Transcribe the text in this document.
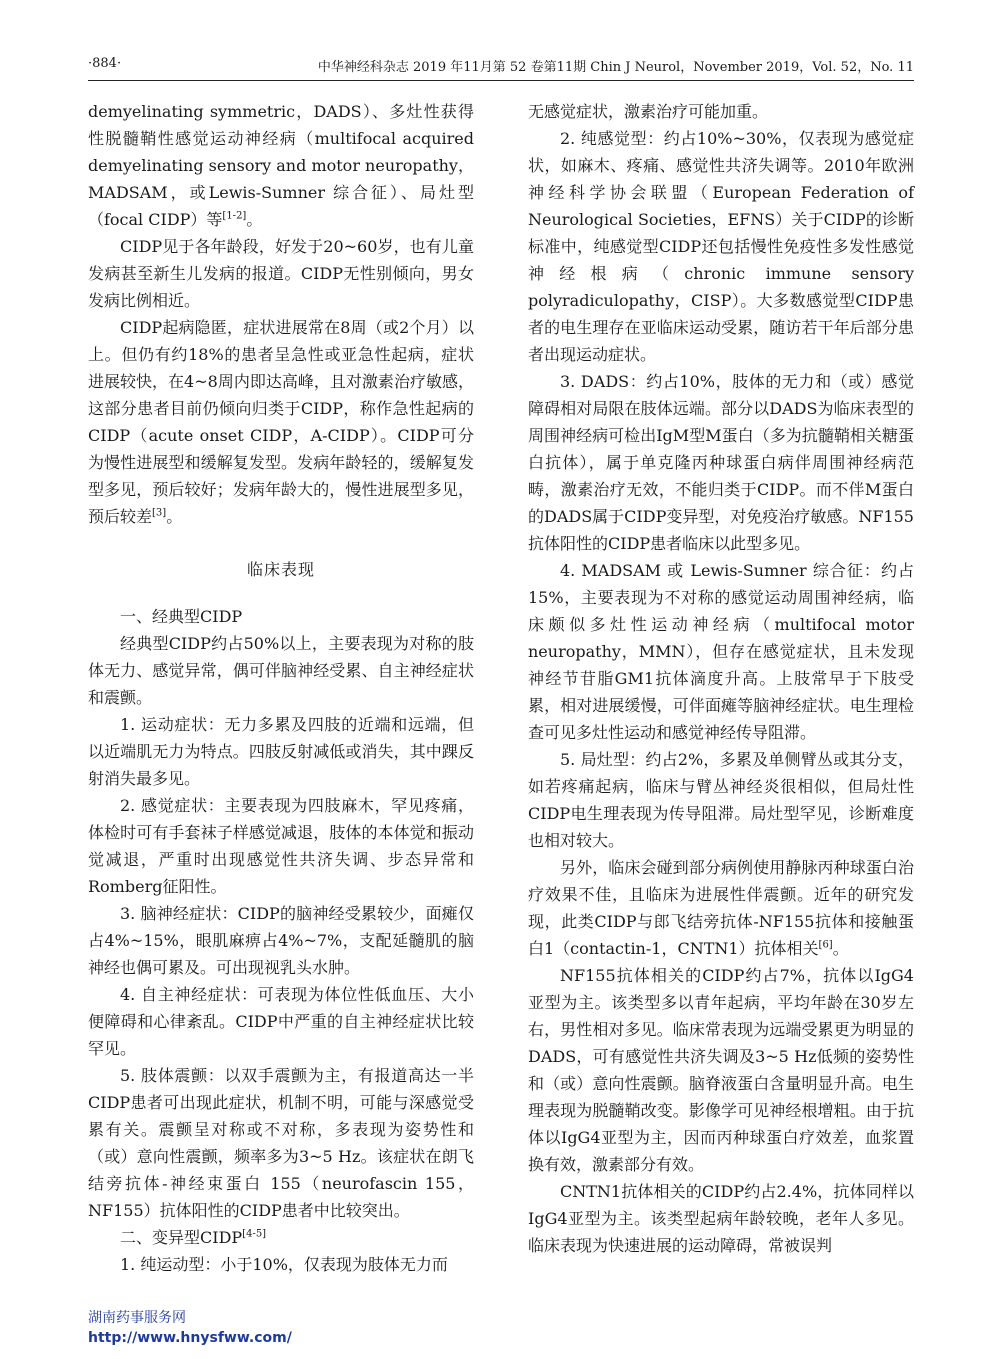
·884·	中华神经科杂志 2019 年11月第 52 卷第11期 Chin J Neurol，November 2019，Vol. 52，No. 11

demyelinating symmetric，DADS）、多灶性获得性脱髓鞘性感觉运动神经病（multifocal acquired demyelinating sensory and motor neuropathy，MADSAM，或Lewis-Sumner 综合征）、局灶型（focal CIDP）等[1-2]。

CIDP见于各年龄段，好发于20~60岁，也有儿童发病甚至新生儿发病的报道。CIDP无性别倾向，男女发病比例相近。

CIDP起病隐匿，症状进展常在8周（或2个月）以上。但仍有约18%的患者呈急性或亚急性起病，症状进展较快，在4~8周内即达高峰，且对激素治疗敏感，这部分患者目前仍倾向归类于CIDP，称作急性起病的 CIDP（acute onset CIDP，A-CIDP）。CIDP可分为慢性进展型和缓解复发型。发病年龄轻的，缓解复发型多见，预后较好；发病年龄大的，慢性进展型多见，预后较差[3]。

临床表现

一、经典型CIDP

经典型CIDP约占50%以上，主要表现为对称的肢体无力、感觉异常，偶可伴脑神经受累、自主神经症状和震颤。

1. 运动症状：无力多累及四肢的近端和远端，但以近端肌无力为特点。四肢反射减低或消失，其中踝反射消失最多见。

2. 感觉症状：主要表现为四肢麻木，罕见疼痛，体检时可有手套袜子样感觉减退，肢体的本体觉和振动觉减退，严重时出现感觉性共济失调、步态异常和Romberg征阳性。

3. 脑神经症状：CIDP的脑神经受累较少，面瘫仅占4%~15%，眼肌麻痹占4%~7%，支配延髓肌的脑神经也偶可累及。可出现视乳头水肿。

4. 自主神经症状：可表现为体位性低血压、大小便障碍和心律紊乱。CIDP中严重的自主神经症状比较罕见。

5. 肢体震颤：以双手震颤为主，有报道高达一半CIDP患者可出现此症状，机制不明，可能与深感觉受累有关。震颤呈对称或不对称，多表现为姿势性和（或）意向性震颤，频率多为3~5 Hz。该症状在朗飞结旁抗体-神经束蛋白 155（neurofascin 155，NF155）抗体阳性的CIDP患者中比较突出。

二、变异型CIDP[4-5]

1. 纯运动型：小于10%，仅表现为肢体无力而

无感觉症状，激素治疗可能加重。

2. 纯感觉型：约占10%~30%，仅表现为感觉症状，如麻木、疼痛、感觉性共济失调等。2010年欧洲神经科学协会联盟（European Federation of Neurological Societies，EFNS）关于CIDP的诊断标准中，纯感觉型CIDP还包括慢性免疫性多发性感觉神经根病（chronic immune sensory polyradiculopathy，CISP）。大多数感觉型CIDP患者的电生理存在亚临床运动受累，随访若干年后部分患者出现运动症状。

3. DADS：约占10%，肢体的无力和（或）感觉障碍相对局限在肢体远端。部分以DADS为临床表型的周围神经病可检出IgM型M蛋白（多为抗髓鞘相关糖蛋白抗体），属于单克隆丙种球蛋白病伴周围神经病范畴，激素治疗无效，不能归类于CIDP。而不伴M蛋白的DADS属于CIDP变异型，对免疫治疗敏感。NF155抗体阳性的CIDP患者临床以此型多见。

4. MADSAM 或 Lewis-Sumner 综合征：约占15%，主要表现为不对称的感觉运动周围神经病，临床颇似多灶性运动神经病（multifocal motor neuropathy，MMN），但存在感觉症状，且未发现神经节苷脂GM1抗体滴度升高。上肢常早于下肢受累，相对进展缓慢，可伴面瘫等脑神经症状。电生理检查可见多灶性运动和感觉神经传导阻滞。

5. 局灶型：约占2%，多累及单侧臂丛或其分支，如若疼痛起病，临床与臂丛神经炎很相似，但局灶性CIDP电生理表现为传导阻滞。局灶型罕见，诊断难度也相对较大。

另外，临床会碰到部分病例使用静脉丙种球蛋白治疗效果不佳，且临床为进展性伴震颤。近年的研究发现，此类CIDP与郎飞结旁抗体-NF155抗体和接触蛋白1（contactin-1，CNTN1）抗体相关[6]。

NF155抗体相关的CIDP约占7%，抗体以IgG4亚型为主。该类型多以青年起病，平均年龄在30岁左右，男性相对多见。临床常表现为远端受累更为明显的DADS，可有感觉性共济失调及3~5 Hz低频的姿势性和（或）意向性震颤。脑脊液蛋白含量明显升高。电生理表现为脱髓鞘改变。影像学可见神经根增粗。由于抗体以IgG4亚型为主，因而丙种球蛋白疗效差，血浆置换有效，激素部分有效。

CNTN1抗体相关的CIDP约占2.4%，抗体同样以IgG4亚型为主。该类型起病年龄较晚，老年人多见。临床表现为快速进展的运动障碍，常被误判

湖南药事服务网
http://www.hnysfww.com/
